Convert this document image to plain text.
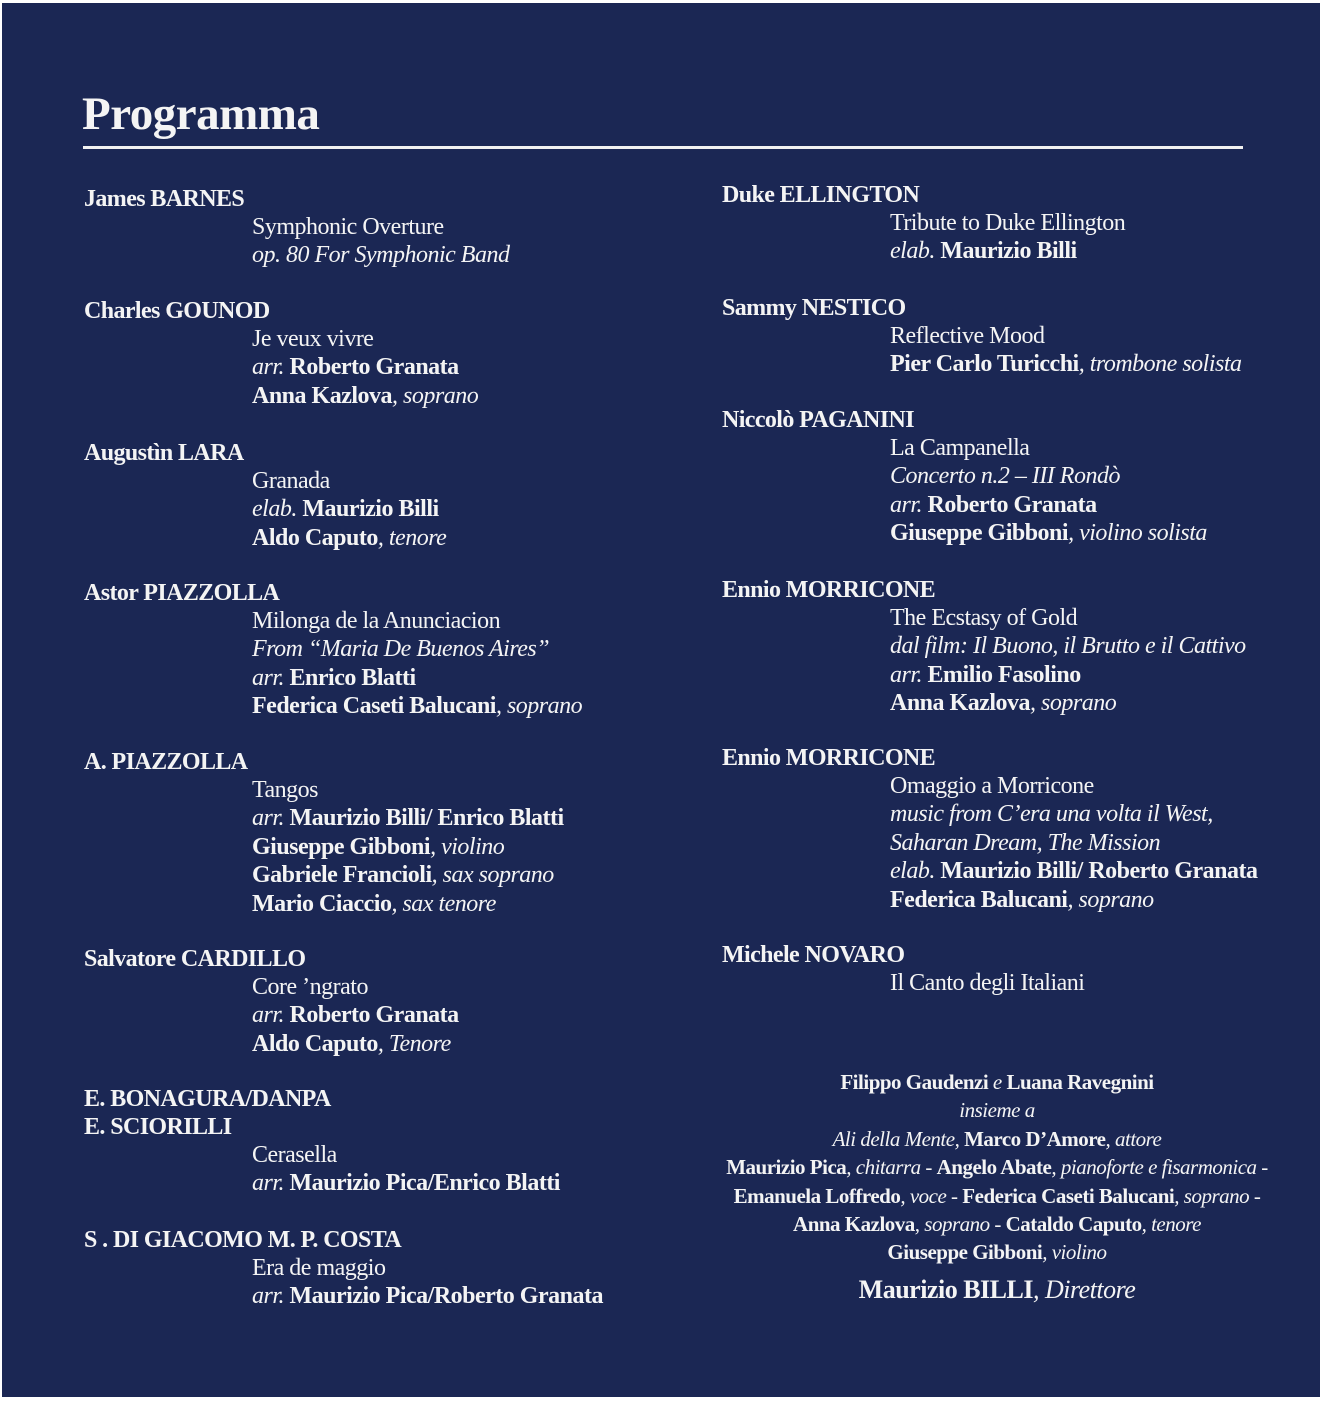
Programma
James BARNES
Symphonic Overture
op. 80 For Symphonic Band
Charles GOUNOD
Je veux vivre
arr. Roberto Granata
Anna Kazlova, soprano
Augustìn LARA
Granada
elab. Maurizio Billi
Aldo Caputo, tenore
Astor PIAZZOLLA
Milonga de la Anunciacion
From “Maria De Buenos Aires”
arr. Enrico Blatti
Federica Caseti Balucani, soprano
A. PIAZZOLLA
Tangos
arr. Maurizio Billi/ Enrico Blatti
Giuseppe Gibboni, violino
Gabriele Francioli, sax soprano
Mario Ciaccio, sax tenore
Salvatore CARDILLO
Core ’ngrato
arr. Roberto Granata
Aldo Caputo, Tenore
E. BONAGURA/DANPA
E. SCIORILLI
Cerasella
arr. Maurizio Pica/Enrico Blatti
S . DI GIACOMO M. P. COSTA
Era de maggio
arr. Maurizio Pica/Roberto Granata
Duke ELLINGTON
Tribute to Duke Ellington
elab. Maurizio Billi
Sammy NESTICO
Reflective Mood
Pier Carlo Turicchi, trombone solista
Niccolò PAGANINI
La Campanella
Concerto n.2 – III Rondò
arr. Roberto Granata
Giuseppe Gibboni, violino solista
Ennio MORRICONE
The Ecstasy of Gold
dal film: Il Buono, il Brutto e il Cattivo
arr. Emilio Fasolino
Anna Kazlova, soprano
Ennio MORRICONE
Omaggio a Morricone
music from C’era una volta il West,
Saharan Dream, The Mission
elab. Maurizio Billi/ Roberto Granata
Federica Balucani, soprano
Michele NOVARO
Il Canto degli Italiani
Filippo Gaudenzi e Luana Ravegnini
insieme a
Ali della Mente, Marco D’Amore, attore
Maurizio Pica, chitarra - Angelo Abate, pianoforte e fisarmonica -
Emanuela Loffredo, voce - Federica Caseti Balucani, soprano -
Anna Kazlova, soprano - Cataldo Caputo, tenore
Giuseppe Gibboni, violino
Maurizio BILLI, Direttore
